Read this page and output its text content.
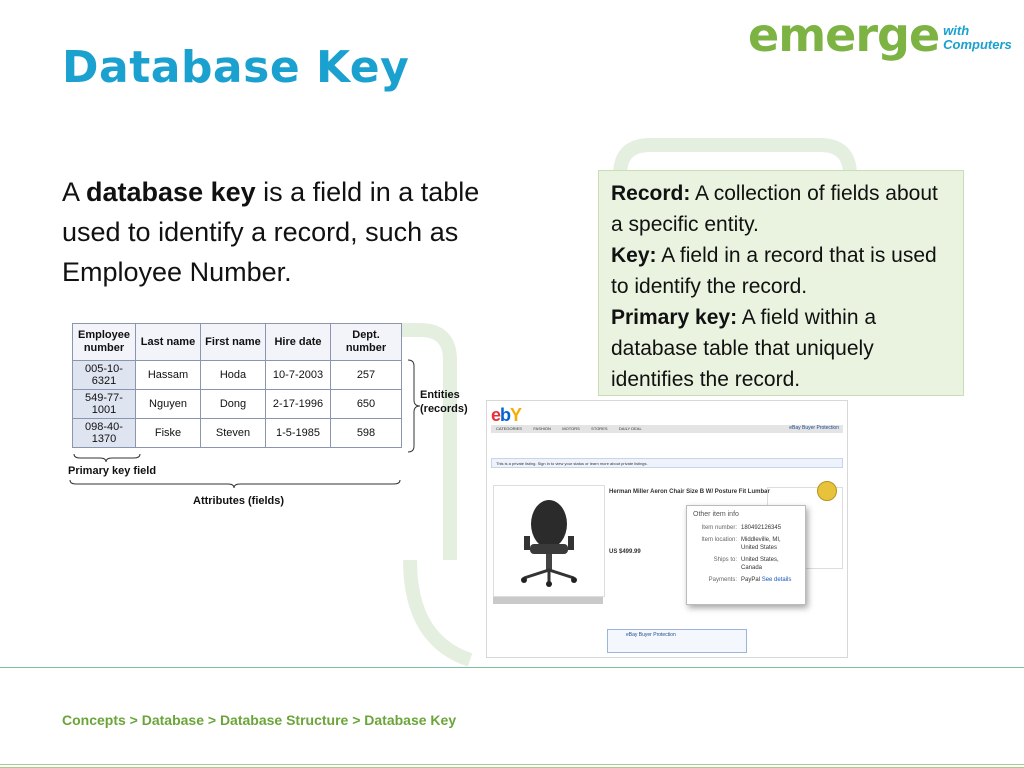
Database Key
emerge with
Computers
A database key is a field in a table used to identify a record, such as Employee Number.
Record: A collection of fields about a specific entity.
Key: A field in a record that is used to identify the record.
Primary key: A field within a database table that uniquely identifies the record.
Employee number	Last name	First name	Hire date	Dept. number
005-10-6321	Hassam	Hoda	10-7-2003	257
549-77-1001	Nguyen	Dong	2-17-1996	650
098-40-1370	Fiske	Steven	1-5-1985	598
Entities (records)
Primary key field
Attributes (fields)
ebY
CATEGORIES	FASHION	MOTORS	STORES	DAILY DEAL	eBay Buyer Protection
This is a private listing. Sign in to view your status or learn more about private listings.
Herman Miller Aeron Chair Size B W/ Posture Fit Lumbar
US $499.99
eBay Buyer Protection
Other item info
Item number: 180492126345
Item location: Middleville, MI, United States
Ships to: United States, Canada
Payments: PayPal See details
Concepts > Database > Database Structure > Database Key
